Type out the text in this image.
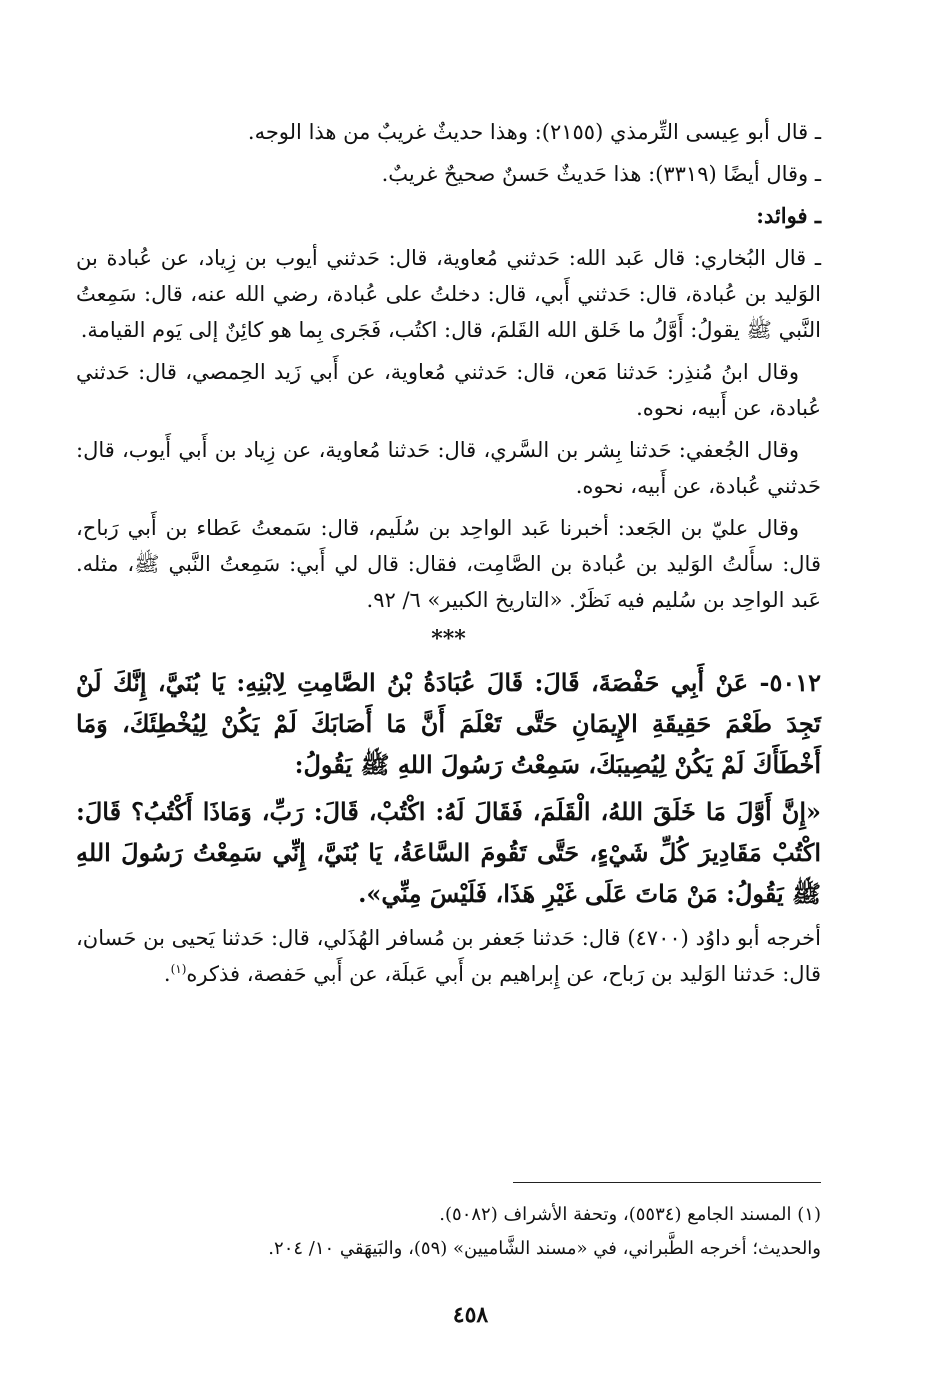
ـ قال أبو عِيسى التِّرمذي (٢١٥٥): وهذا حديثٌ غريبٌ من هذا الوجه.

ـ وقال أيضًا (٣٣١٩): هذا حَديثٌ حَسنٌ صحيحٌ غريبٌ.

ـ فوائد:

ـ قال البُخاري: قال عَبد الله: حَدثني مُعاوية، قال: حَدثني أيوب بن زِياد، عن عُبادة بن الوَليد بن عُبادة، قال: حَدثني أَبي، قال: دخلتُ على عُبادة، رضي الله عنه، قال: سَمِعتُ النَّبي ﷺ يقولُ: أَوَّلُ ما خَلق الله القَلمَ، قال: اكتُب، فَجَرى بِما هو كائِنٌ إلى يَوم القيامة.

وقال ابنُ مُنذِر: حَدثنا مَعن، قال: حَدثني مُعاوية، عن أَبي زَيد الحِمصي، قال: حَدثني عُبادة، عن أَبيه، نحوه.

وقال الجُعفي: حَدثنا بِشر بن السَّري، قال: حَدثنا مُعاوية، عن زِياد بن أَبي أَيوب، قال: حَدثني عُبادة، عن أَبيه، نحوه.

وقال عليّ بن الجَعد: أخبرنا عَبد الواحِد بن سُلَيم، قال: سَمعتُ عَطاء بن أَبي رَباح، قال: سأَلتُ الوَليد بن عُبادة بن الصَّامِت، فقال: قال لي أَبي: سَمِعتُ النَّبي ﷺ، مثله. عَبد الواحِد بن سُليم فيه نَظَرٌ. «التاريخ الكبير» ٦/ ٩٢.

***

٥٠١٢- عَنْ أَبِي حَفْصَةَ، قَالَ: قَالَ عُبَادَةُ بْنُ الصَّامِتِ لِابْنِهِ: يَا بُنَيَّ، إِنَّكَ لَنْ تَجِدَ طَعْمَ حَقِيقَةِ الإِيمَانِ حَتَّى تَعْلَمَ أَنَّ مَا أَصَابَكَ لَمْ يَكُنْ لِيُخْطِئَكَ، وَمَا أَخْطَأَكَ لَمْ يَكُنْ لِيُصِيبَكَ، سَمِعْتُ رَسُولَ اللهِ ﷺ يَقُولُ:

«إِنَّ أَوَّلَ مَا خَلَقَ اللهُ، الْقَلَمَ، فَقَالَ لَهُ: اكْتُبْ، قَالَ: رَبِّ، وَمَاذَا أَكْتُبُ؟ قَالَ: اكْتُبْ مَقَادِيرَ كُلِّ شَيْءٍ، حَتَّى تَقُومَ السَّاعَةُ، يَا بُنَيَّ، إِنِّي سَمِعْتُ رَسُولَ اللهِ ﷺ يَقُولُ: مَنْ مَاتَ عَلَى غَيْرِ هَذَا، فَلَيْسَ مِنِّي».

أخرجه أبو داوُد (٤٧٠٠) قال: حَدثنا جَعفر بن مُسافر الهُذَلي، قال: حَدثنا يَحيى بن حَسان، قال: حَدثنا الوَليد بن رَباح، عن إِبراهيم بن أَبي عَبلَة، عن أَبي حَفصة، فذكره$^{(١)}$.

(١) المسند الجامع (٥٥٣٤)، وتحفة الأشراف (٥٠٨٢).

والحديث؛ أخرجه الطَّبراني، في «مسند الشَّاميين» (٥٩)، والبَيهَقي ١٠/ ٢٠٤.

٤٥٨
